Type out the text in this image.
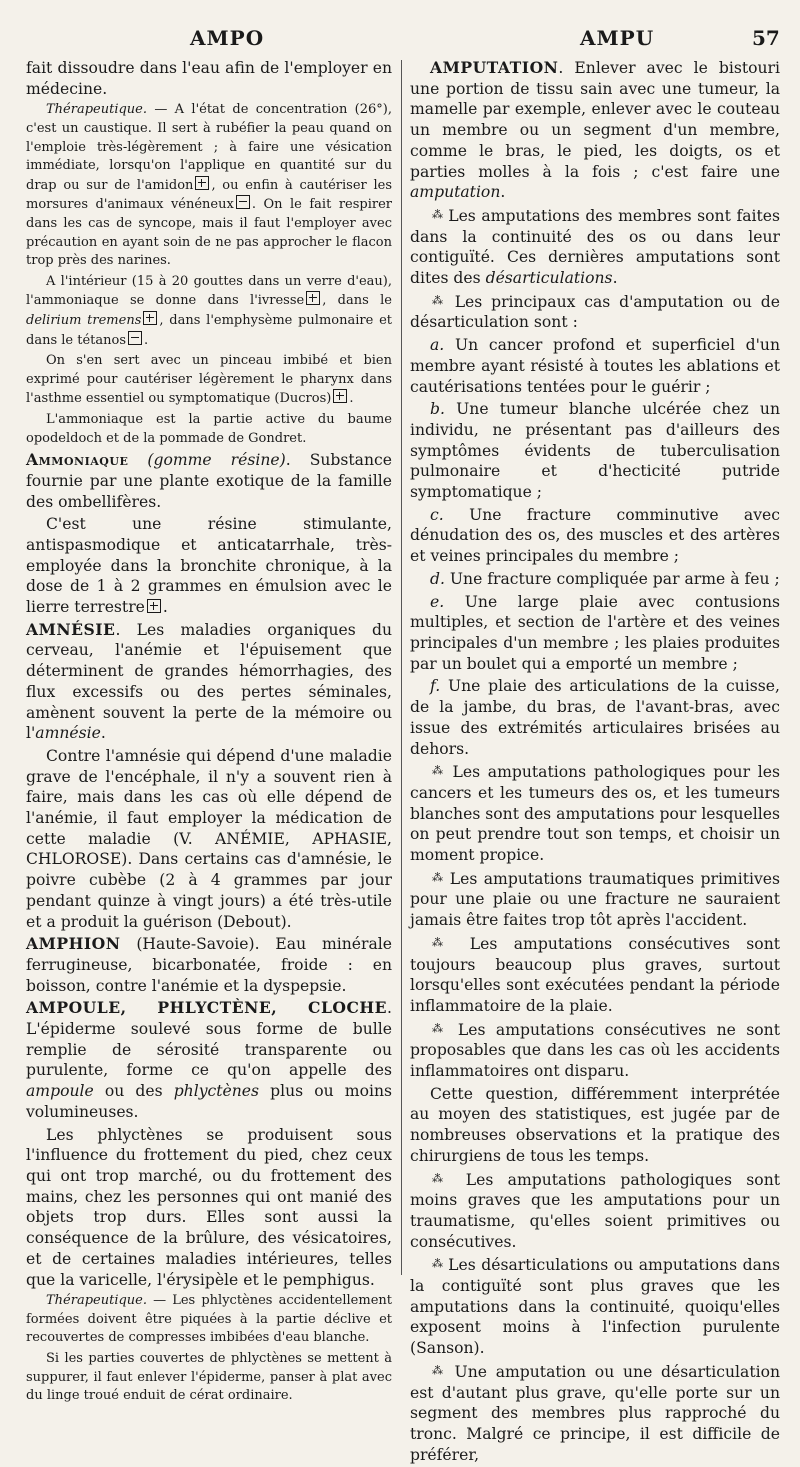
AMPO	AMPU	57

fait dissoudre dans l'eau afin de l'employer en médecine.

Thérapeutique. — A l'état de concentration (26°), c'est un caustique. Il sert à rubéfier la peau quand on l'emploie très-légèrement ; à faire une vésication immédiate, lorsqu'on l'applique en quantité sur du drap ou sur de l'amidon , ou enfin à cautériser les morsures d'animaux vénéneux . On le fait respirer dans les cas de syncope, mais il faut l'employer avec précaution en ayant soin de ne pas approcher le flacon trop près des narines.

A l'intérieur (15 à 20 gouttes dans un verre d'eau), l'ammoniaque se donne dans l'ivresse , dans le delirium tremens , dans l'emphysème pulmonaire et dans le tétanos .

On s'en sert avec un pinceau imbibé et bien exprimé pour cautériser légèrement le pharynx dans l'asthme essentiel ou symptomatique (Ducros) .

L'ammoniaque est la partie active du baume opodeldoch et de la pommade de Gondret.

Ammoniaque (gomme résine). Substance fournie par une plante exotique de la famille des ombellifères.

C'est une résine stimulante, antispasmodique et anticatarrhale, très-employée dans la bronchite chronique, à la dose de 1 à 2 grammes en émulsion avec le lierre terrestre .

AMNÉSIE. Les maladies organiques du cerveau, l'anémie et l'épuisement que déterminent de grandes hémorrhagies, des flux excessifs ou des pertes séminales, amènent souvent la perte de la mémoire ou l'amnésie.

Contre l'amnésie qui dépend d'une maladie grave de l'encéphale, il n'y a souvent rien à faire, mais dans les cas où elle dépend de l'anémie, il faut employer la médication de cette maladie (V. ANÉMIE, APHASIE, CHLOROSE). Dans certains cas d'amnésie, le poivre cubèbe (2 à 4 grammes par jour pendant quinze à vingt jours) a été très-utile et a produit la guérison (Debout).

AMPHION (Haute-Savoie). Eau minérale ferrugineuse, bicarbonatée, froide : en boisson, contre l'anémie et la dyspepsie.

AMPOULE, PHLYCTÈNE, CLOCHE. L'épiderme soulevé sous forme de bulle remplie de sérosité transparente ou purulente, forme ce qu'on appelle des ampoule ou des phlyctènes plus ou moins volumineuses.

Les phlyctènes se produisent sous l'influence du frottement du pied, chez ceux qui ont trop marché, ou du frottement des mains, chez les personnes qui ont manié des objets trop durs. Elles sont aussi la conséquence de la brûlure, des vésicatoires, et de certaines maladies intérieures, telles que la varicelle, l'érysipèle et le pemphigus.

Thérapeutique. — Les phlyctènes accidentellement formées doivent être piquées à la partie déclive et recouvertes de compresses imbibées d'eau blanche.

Si les parties couvertes de phlyctènes se mettent à suppurer, il faut enlever l'épiderme, panser à plat avec du linge troué enduit de cérat ordinaire.

AMPUTATION. Enlever avec le bistouri une portion de tissu sain avec une tumeur, la mamelle par exemple, enlever avec le couteau un membre ou un segment d'un membre, comme le bras, le pied, les doigts, os et parties molles à la fois ; c'est faire une amputation.

⁂ Les amputations des membres sont faites dans la continuité des os ou dans leur contiguïté. Ces dernières amputations sont dites des désarticulations.

⁂ Les principaux cas d'amputation ou de désarticulation sont :

a. Un cancer profond et superficiel d'un membre ayant résisté à toutes les ablations et cautérisations tentées pour le guérir ;

b. Une tumeur blanche ulcérée chez un individu, ne présentant pas d'ailleurs des symptômes évidents de tuberculisation pulmonaire et d'hecticité putride symptomatique ;

c. Une fracture comminutive avec dénudation des os, des muscles et des artères et veines principales du membre ;

d. Une fracture compliquée par arme à feu ;

e. Une large plaie avec contusions multiples, et section de l'artère et des veines principales d'un membre ; les plaies produites par un boulet qui a emporté un membre ;

f. Une plaie des articulations de la cuisse, de la jambe, du bras, de l'avant-bras, avec issue des extrémités articulaires brisées au dehors.

⁂ Les amputations pathologiques pour les cancers et les tumeurs des os, et les tumeurs blanches sont des amputations pour lesquelles on peut prendre tout son temps, et choisir un moment propice.

⁂ Les amputations traumatiques primitives pour une plaie ou une fracture ne sauraient jamais être faites trop tôt après l'accident.

⁂ Les amputations consécutives sont toujours beaucoup plus graves, surtout lorsqu'elles sont exécutées pendant la période inflammatoire de la plaie.

⁂ Les amputations consécutives ne sont proposables que dans les cas où les accidents inflammatoires ont disparu.

Cette question, différemment interprétée au moyen des statistiques, est jugée par de nombreuses observations et la pratique des chirurgiens de tous les temps.

⁂ Les amputations pathologiques sont moins graves que les amputations pour un traumatisme, qu'elles soient primitives ou consécutives.

⁂ Les désarticulations ou amputations dans la contiguïté sont plus graves que les amputations dans la continuité, quoiqu'elles exposent moins à l'infection purulente (Sanson).

⁂ Une amputation ou une désarticulation est d'autant plus grave, qu'elle porte sur un segment des membres plus rapproché du tronc. Malgré ce principe, il est difficile de préférer,
